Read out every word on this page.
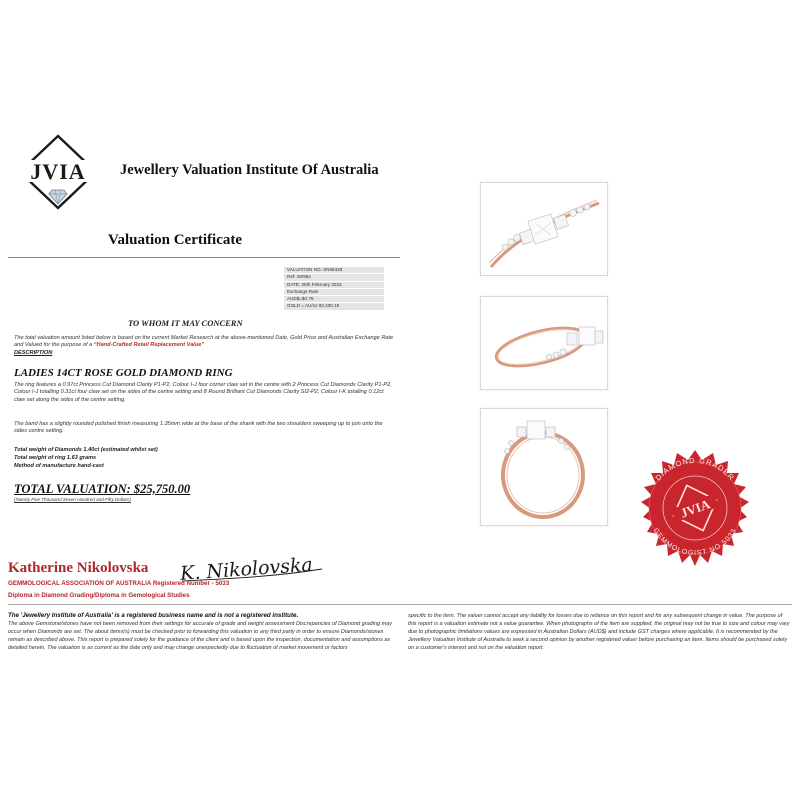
JVIA Jewellery Valuation Institute Of Australia
Valuation Certificate
VALUATION NO. XN98429
Ref: 29/984
DATE: 25th February 2023
Exchange Rate
AUD$=$0.78
GOLD = AU/oz $2,400.19
TO WHOM IT MAY CONCERN
The total valuation amount listed below is based on the current Market Research at the above-mentioned Date, Gold Price and Australian Exchange Rate and Valued for the purpose of a “Hand-Crafted Retail Replacement Value”
DESCRIPTION
LADIES 14CT ROSE GOLD DIAMOND RING
The ring features a 0.97ct Princess Cut Diamond Clarity P1-P2, Colour I-J four corner claw set in the centre with 2 Princess Cut Diamonds Clarity P1-P2, Colour I-J totalling 0.31ct four claw set on the sides of the centre setting and 8 Round Brilliant Cut Diamonds Clarity SI2-P2, Colour I-K totalling 0.12ct claw set along the sides of the centre setting.
The band has a slightly rounded polished finish measuring 1.35mm wide at the base of the shank with the two shoulders sweeping up to join onto the sides centre setting.
Total weight of Diamonds 1.40ct (estimated whilst set)
Total weight of ring 1.63 grams
Method of manufacture hand-cast
TOTAL VALUATION: $25,750.00
(Twenty Five Thousand Seven Hundred and Fifty Dollars)
Katherine Nikolovska K. Nikolovska
GEMMOLOGICAL ASSOCIATION OF AUSTRALIA Registered Number - 5033
Diploma in Diamond Grading/Diploma in Gemological Studies
The 'Jewellery Institute of Australia' is a registered business name and is not a registered institute.
The above Gemstone/stones have not been removed from their settings for accurate of grade and weight assessment Discrepancies of Diamond grading may occur when Diamonds are set. The about items(s) must be checked prior to forwarding this valuation to any third party in order to ensure Diamonds/stones remain as described above. This report is prepared solely for the guidance of the client and is based upon the inspection, documentation and assumptions as detailed herein. The valuation is as current as the date only and may change unexpectedly due to fluctuation of market movement or factors
specific to the item. The valuer cannot accept any liability for losses due to reliance on this report and for any subsequent change in value. The purpose of this report is a valuation estimate not a value guarantee. When photographs of the item are supplied, the original may not be true to size and colour may vary due to photographic limitations values are expressed in Australian Dollars (AUD$) and include GST charges where applicable. It is recommended by the Jewellery Valuation Institute of Australia to seek a second opinion by another registered valuer before purchasing an item. Items should be purchased solely on a customer's interest and not on the valuation report.
DIAMOND GRADER
GEMMOLOGIST NO 5033
JVIA
